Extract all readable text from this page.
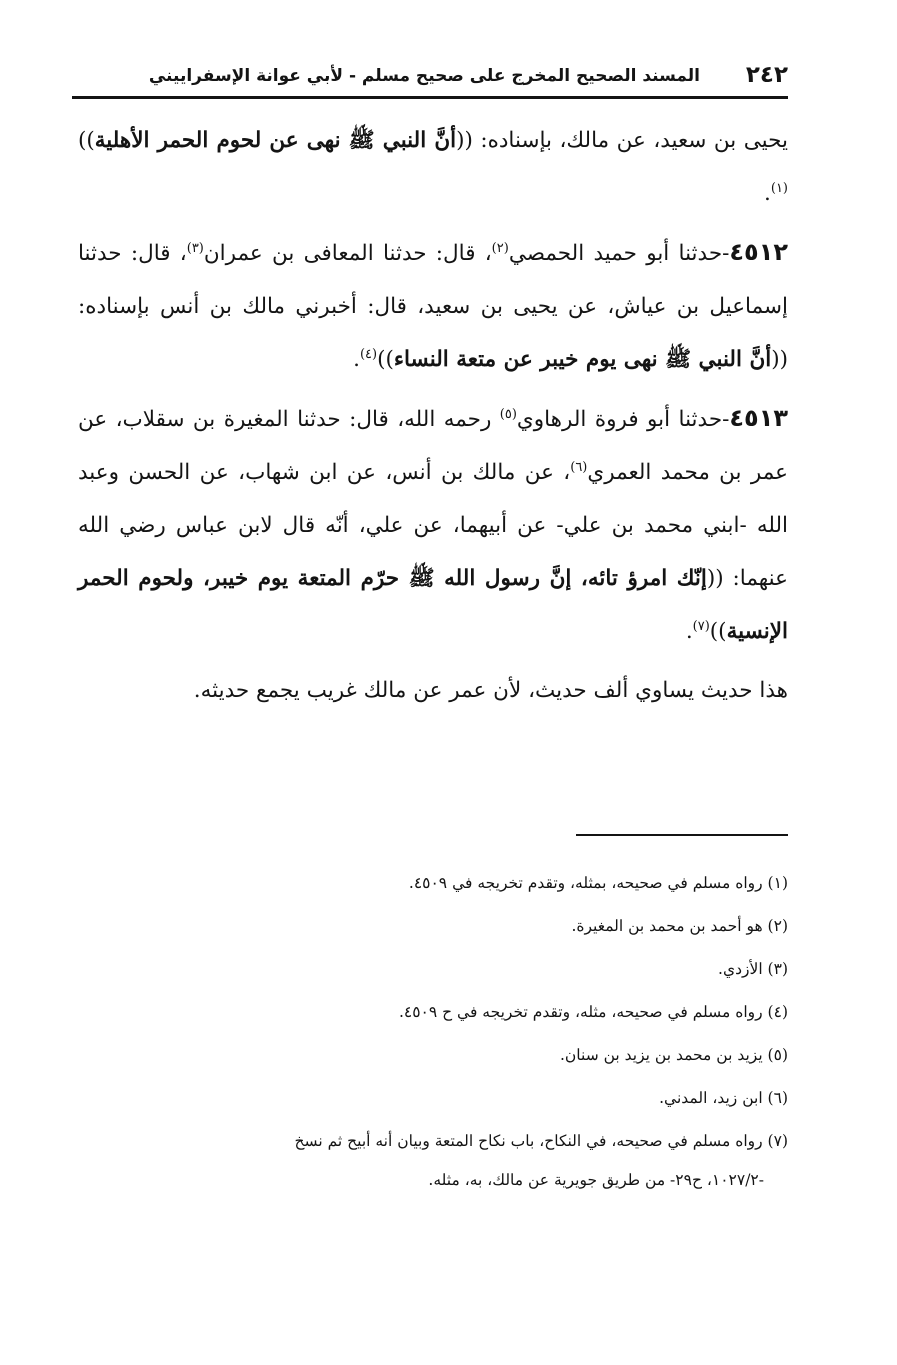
٢٤٢
المسند الصحيح المخرج على صحيح مسلم - لأبي عوانة الإسفراييني

يحيى بن سعيد، عن مالك، بإسناده: ((أنَّ النبي ﷺ نهى عن لحوم الحمر الأهلية))$^{(١)}$.

٤٥١٢-حدثنا أبو حميد الحمصي$^{(٢)}$، قال: حدثنا المعافى بن عمران$^{(٣)}$، قال: حدثنا إسماعيل بن عياش، عن يحيى بن سعيد، قال: أخبرني مالك بن أنس بإسناده: ((أنَّ النبي ﷺ نهى يوم خيبر عن متعة النساء))$^{(٤)}$.

٤٥١٣-حدثنا أبو فروة الرهاوي$^{(٥)}$ رحمه الله، قال: حدثنا المغيرة بن سقلاب، عن عمر بن محمد العمري$^{(٦)}$، عن مالك بن أنس، عن ابن شهاب، عن الحسن وعبد الله -ابني محمد بن علي- عن أبيهما، عن علي، أنّه قال لابن عباس رضي الله عنهما: ((إنّك امرؤ تائه، إنَّ رسول الله ﷺ حرّم المتعة يوم خيبر، ولحوم الحمر الإنسية))$^{(٧)}$.

هذا حديث يساوي ألف حديث، لأن عمر عن مالك غريب يجمع حديثه.

(١) رواه مسلم في صحيحه، بمثله، وتقدم تخريجه في ٤٥٠٩.

(٢) هو أحمد بن محمد بن المغيرة.

(٣) الأزدي.

(٤) رواه مسلم في صحيحه، مثله، وتقدم تخريجه في ح ٤٥٠٩.

(٥) يزيد بن محمد بن يزيد بن سنان.

(٦) ابن زيد، المدني.

(٧) رواه مسلم في صحيحه، في النكاح، باب نكاح المتعة وبيان أنه أبيح ثم نسخ
-١٠٢٧/٢، ح٢٩- من طريق جويرية عن مالك، به، مثله.
